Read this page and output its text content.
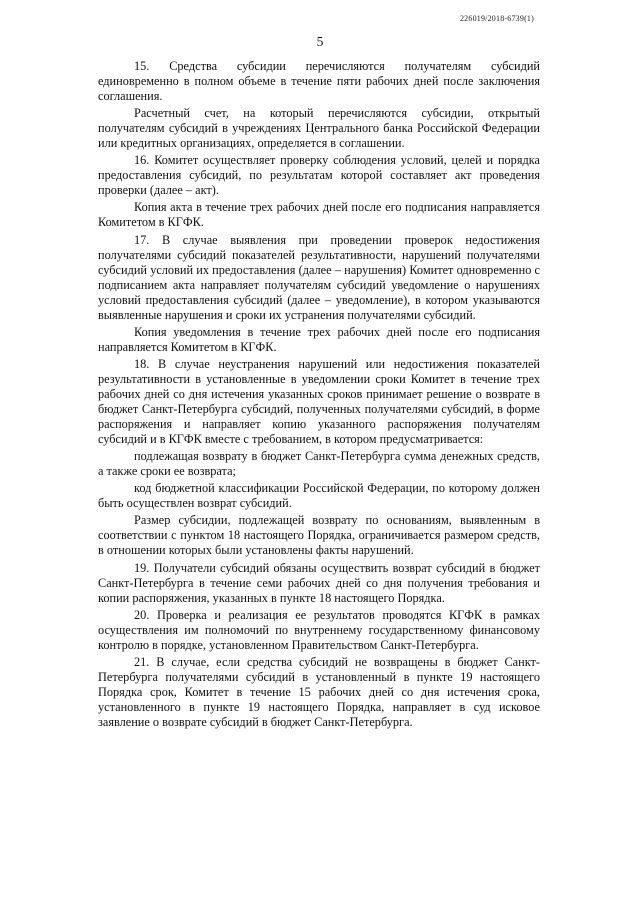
226019/2018-6739(1)
5

15. Средства субсидии перечисляются получателям субсидий единовременно в полном объеме в течение пяти рабочих дней после заключения соглашения.

Расчетный счет, на который перечисляются субсидии, открытый получателям субсидий в учреждениях Центрального банка Российской Федерации или кредитных организациях, определяется в соглашении.

16. Комитет осуществляет проверку соблюдения условий, целей и порядка предоставления субсидий, по результатам которой составляет акт проведения проверки (далее – акт).

Копия акта в течение трех рабочих дней после его подписания направляется Комитетом в КГФК.

17. В случае выявления при проведении проверок недостижения получателями субсидий показателей результативности, нарушений получателями субсидий условий их предоставления (далее – нарушения) Комитет одновременно с подписанием акта направляет получателям субсидий уведомление о нарушениях условий предоставления субсидий (далее – уведомление), в котором указываются выявленные нарушения и сроки их устранения получателями субсидий.

Копия уведомления в течение трех рабочих дней после его подписания направляется Комитетом в КГФК.

18. В случае неустранения нарушений или недостижения показателей результативности в установленные в уведомлении сроки Комитет в течение трех рабочих дней со дня истечения указанных сроков принимает решение о возврате в бюджет Санкт-Петербурга субсидий, полученных получателями субсидий, в форме распоряжения и направляет копию указанного распоряжения получателям субсидий и в КГФК вместе с требованием, в котором предусматривается:

подлежащая возврату в бюджет Санкт-Петербурга сумма денежных средств, а также сроки ее возврата;

код бюджетной классификации Российской Федерации, по которому должен быть осуществлен возврат субсидий.

Размер субсидии, подлежащей возврату по основаниям, выявленным в соответствии с пунктом 18 настоящего Порядка, ограничивается размером средств, в отношении которых были установлены факты нарушений.

19. Получатели субсидий обязаны осуществить возврат субсидий в бюджет Санкт-Петербурга в течение семи рабочих дней со дня получения требования и копии распоряжения, указанных в пункте 18 настоящего Порядка.

20. Проверка и реализация ее результатов проводятся КГФК в рамках осуществления им полномочий по внутреннему государственному финансовому контролю в порядке, установленном Правительством Санкт-Петербурга.

21. В случае, если средства субсидий не возвращены в бюджет Санкт-Петербурга получателями субсидий в установленный в пункте 19 настоящего Порядка срок, Комитет в течение 15 рабочих дней со дня истечения срока, установленного в пункте 19 настоящего Порядка, направляет в суд исковое заявление о возврате субсидий в бюджет Санкт-Петербурга.
